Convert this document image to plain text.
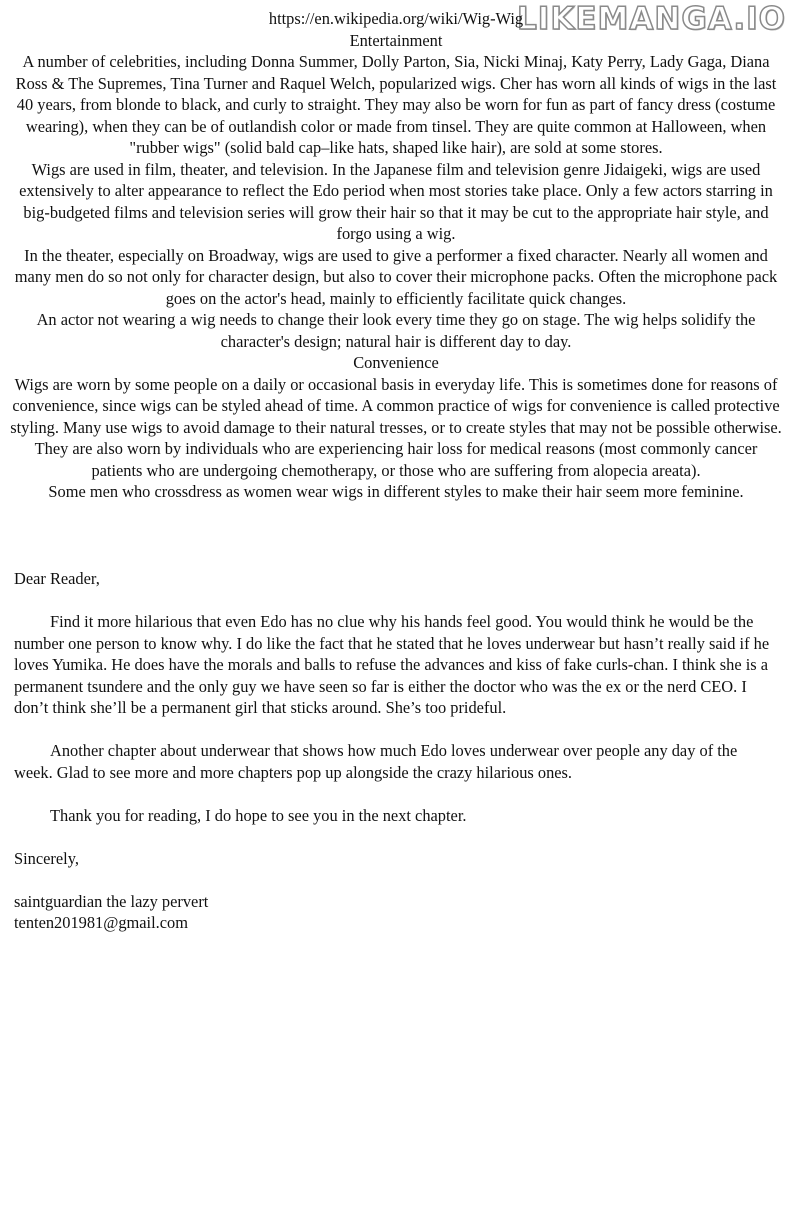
LIKEMANGA.IO

https://en.wikipedia.org/wiki/Wig-Wig

Entertainment

A number of celebrities, including Donna Summer, Dolly Parton, Sia, Nicki Minaj, Katy Perry, Lady Gaga, Diana Ross & The Supremes, Tina Turner and Raquel Welch, popularized wigs. Cher has worn all kinds of wigs in the last 40 years, from blonde to black, and curly to straight. They may also be worn for fun as part of fancy dress (costume wearing), when they can be of outlandish color or made from tinsel. They are quite common at Halloween, when "rubber wigs" (solid bald cap–like hats, shaped like hair), are sold at some stores.

Wigs are used in film, theater, and television. In the Japanese film and television genre Jidaigeki, wigs are used extensively to alter appearance to reflect the Edo period when most stories take place. Only a few actors starring in big-budgeted films and television series will grow their hair so that it may be cut to the appropriate hair style, and forgo using a wig.

In the theater, especially on Broadway, wigs are used to give a performer a fixed character. Nearly all women and many men do so not only for character design, but also to cover their microphone packs. Often the microphone pack goes on the actor's head, mainly to efficiently facilitate quick changes.

An actor not wearing a wig needs to change their look every time they go on stage. The wig helps solidify the character's design; natural hair is different day to day.

Convenience

Wigs are worn by some people on a daily or occasional basis in everyday life. This is sometimes done for reasons of convenience, since wigs can be styled ahead of time. A common practice of wigs for convenience is called protective styling. Many use wigs to avoid damage to their natural tresses, or to create styles that may not be possible otherwise. They are also worn by individuals who are experiencing hair loss for medical reasons (most commonly cancer patients who are undergoing chemotherapy, or those who are suffering from alopecia areata).

Some men who crossdress as women wear wigs in different styles to make their hair seem more feminine.

Dear Reader,

Find it more hilarious that even Edo has no clue why his hands feel good. You would think he would be the number one person to know why. I do like the fact that he stated that he loves underwear but hasn’t really said if he loves Yumika. He does have the morals and balls to refuse the advances and kiss of fake curls-chan. I think she is a permanent tsundere and the only guy we have seen so far is either the doctor who was the ex or the nerd CEO. I don’t think she’ll be a permanent girl that sticks around. She’s too prideful.

Another chapter about underwear that shows how much Edo loves underwear over people any day of the week. Glad to see more and more chapters pop up alongside the crazy hilarious ones.

Thank you for reading, I do hope to see you in the next chapter.

Sincerely,

saintguardian the lazy pervert

tenten201981@gmail.com
